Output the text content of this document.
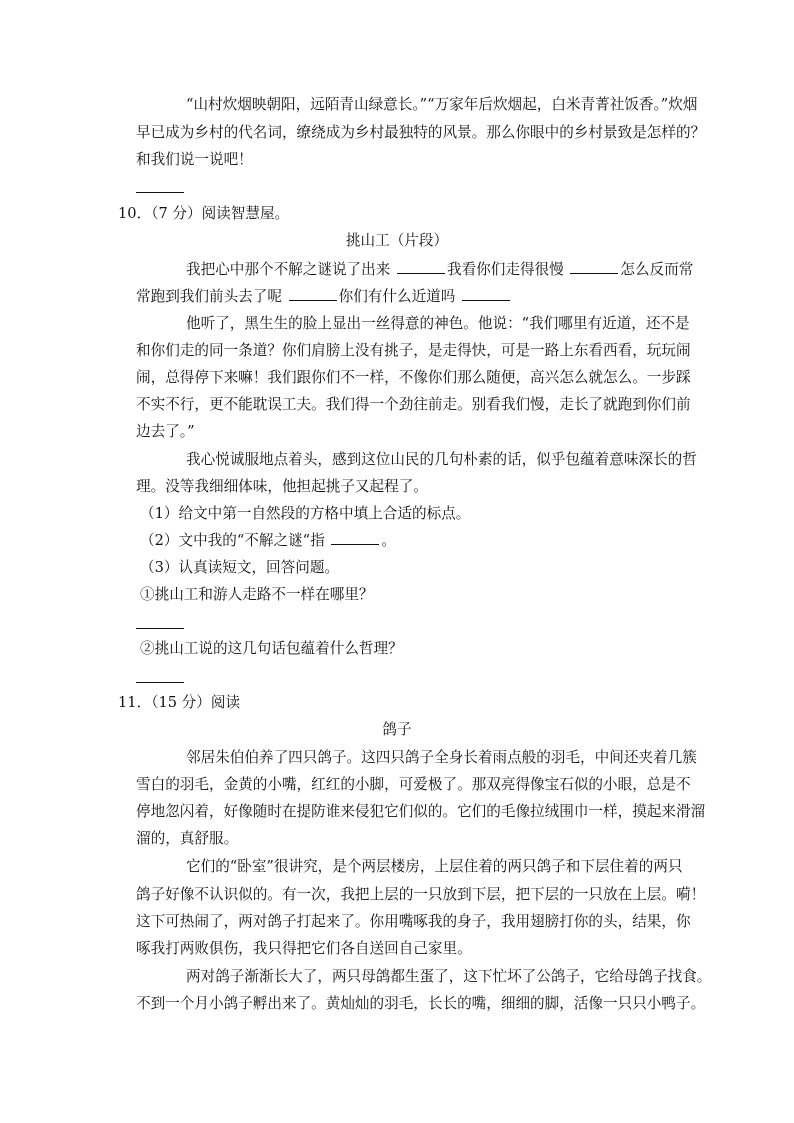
“山村炊烟映朝阳，远陌青山绿意长。”“万家年后炊烟起，白米青菁社饭香。”炊烟
早已成为乡村的代名词，缭绕成为乡村最独特的风景。那么你眼中的乡村景致是怎样的？
和我们说一说吧！
10．（7 分）阅读智慧屋。
挑山工（片段）
我把心中那个不解之谜说了出来	我看你们走得很慢	怎么反而常
常跑到我们前头去了呢	你们有什么近道吗
他听了，黑生生的脸上显出一丝得意的神色。他说：“我们哪里有近道，还不是
和你们走的同一条道？你们肩膀上没有挑子，是走得快，可是一路上东看西看，玩玩闹
闹，总得停下来嘛！我们跟你们不一样，不像你们那么随便，高兴怎么就怎么。一步踩
不实不行，更不能耽误工夫。我们得一个劲往前走。别看我们慢，走长了就跑到你们前
边去了。”
我心悦诚服地点着头，感到这位山民的几句朴素的话，似乎包蕴着意味深长的哲
理。没等我细细体味，他担起挑子又起程了。
（1）给文中第一自然段的方格中填上合适的标点。
（2）文中我的“不解之谜“指	。
（3）认真读短文，回答问题。
①挑山工和游人走路不一样在哪里？
②挑山工说的这几句话包蕴着什么哲理？
11．（15 分）阅读
鸽子
邻居朱伯伯养了四只鸽子。这四只鸽子全身长着雨点般的羽毛，中间还夹着几簇
雪白的羽毛，金黄的小嘴，红红的小脚，可爱极了。那双亮得像宝石似的小眼，总是不
停地忽闪着，好像随时在提防谁来侵犯它们似的。它们的毛像拉绒围巾一样，摸起来滑溜
溜的，真舒服。
它们的“卧室”很讲究，是个两层楼房，上层住着的两只鸽子和下层住着的两只
鸽子好像不认识似的。有一次，我把上层的一只放到下层，把下层的一只放在上层。嗬！
这下可热闹了，两对鸽子打起来了。你用嘴啄我的身子，我用翅膀打你的头，结果，你
啄我打两败俱伤，我只得把它们各自送回自己家里。
两对鸽子渐渐长大了，两只母鸽都生蛋了，这下忙坏了公鸽子，它给母鸽子找食。
不到一个月小鸽子孵出来了。黄灿灿的羽毛，长长的嘴，细细的脚，活像一只只小鸭子。
